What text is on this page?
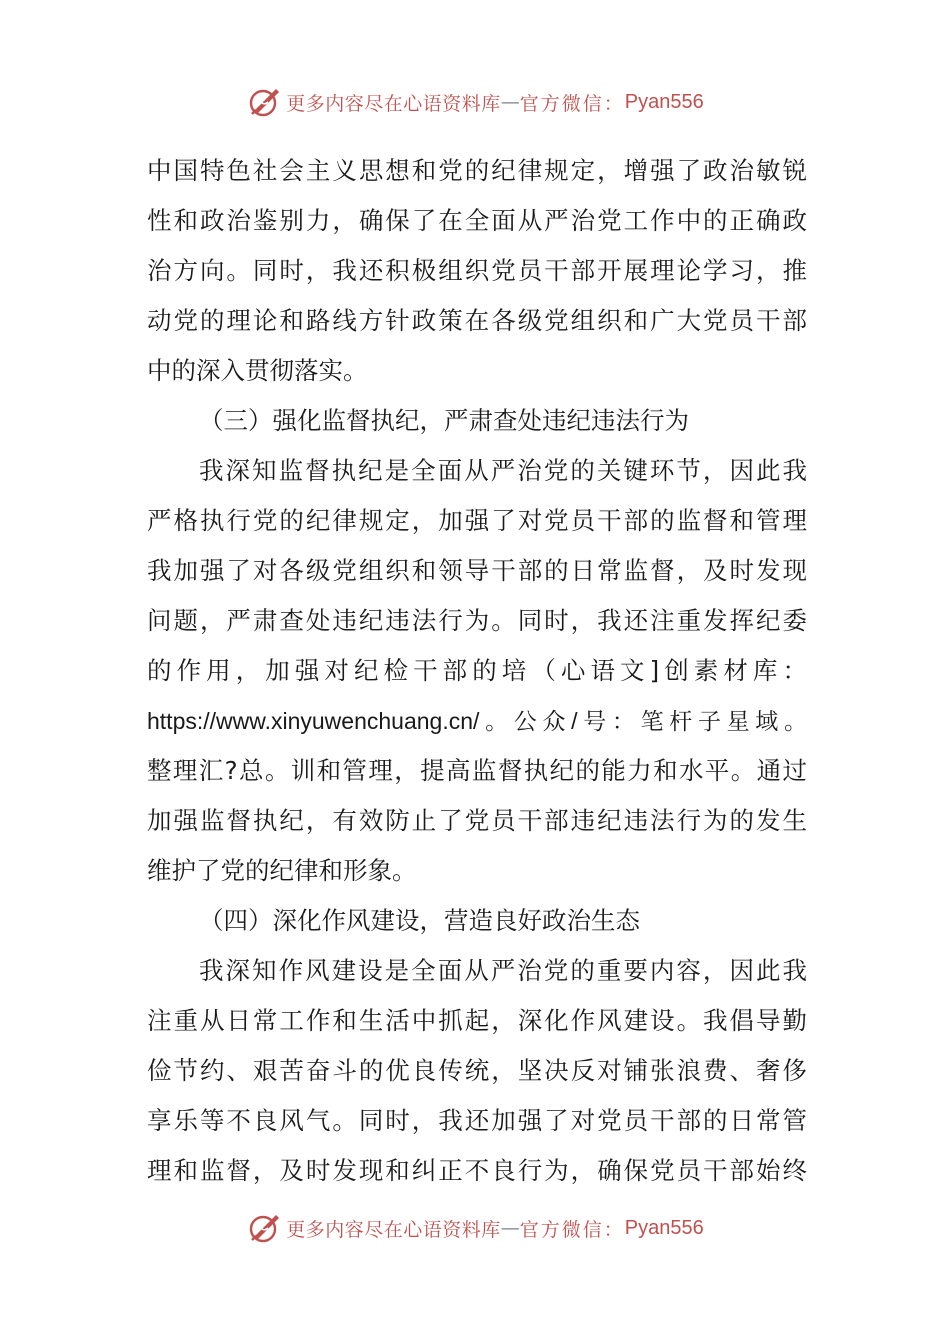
更多内容尽在心语资料库 — 官方微信： Pyan556
中国特色社会主义思想和党的纪律规定，增强了政治敏锐
性和政治鉴别力，确保了在全面从严治党工作中的正确政
治方向。同时，我还积极组织党员干部开展理论学习，推
动党的理论和路线方针政策在各级党组织和广大党员干部
中的深入贯彻落实。
（三）强化监督执纪，严肃查处违纪违法行为
我深知监督执纪是全面从严治党的关键环节，因此我
严格执行党的纪律规定，加强了对党员干部的监督和管理
我加强了对各级党组织和领导干部的日常监督，及时发现
问题，严肃查处违纪违法行为。同时，我还注重发挥纪委
的作用，加强对纪检干部的培（心语文]创素材库：
https://www.xinyuwenchuang.cn/。公众/号：笔杆子星域。
整理汇?总。训和管理，提高监督执纪的能力和水平。通过
加强监督执纪，有效防止了党员干部违纪违法行为的发生
维护了党的纪律和形象。
（四）深化作风建设，营造良好政治生态
我深知作风建设是全面从严治党的重要内容，因此我
注重从日常工作和生活中抓起，深化作风建设。我倡导勤
俭节约、艰苦奋斗的优良传统，坚决反对铺张浪费、奢侈
享乐等不良风气。同时，我还加强了对党员干部的日常管
理和监督，及时发现和纠正不良行为，确保党员干部始终
更多内容尽在心语资料库 — 官方微信： Pyan556
